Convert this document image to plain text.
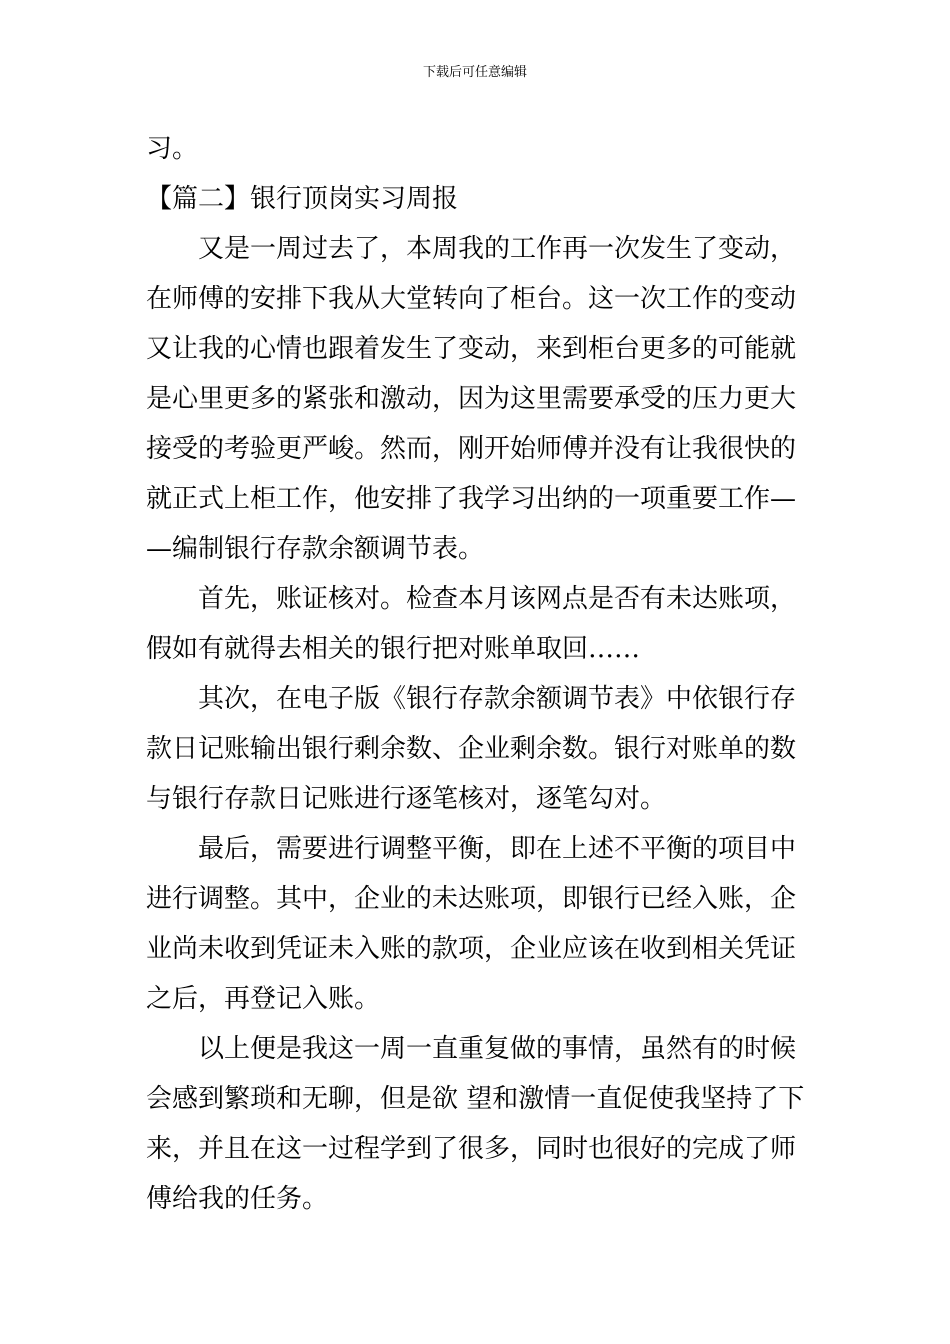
下载后可任意编辑
习。
【篇二】银行顶岗实习周报
又是一周过去了，本周我的工作再一次发生了变动，
在师傅的安排下我从大堂转向了柜台。这一次工作的变动
又让我的心情也跟着发生了变动，来到柜台更多的可能就
是心里更多的紧张和激动，因为这里需要承受的压力更大
接受的考验更严峻。然而，刚开始师傅并没有让我很快的
就正式上柜工作，他安排了我学习出纳的一项重要工作—
—编制银行存款余额调节表。
首先，账证核对。检查本月该网点是否有未达账项，
假如有就得去相关的银行把对账单取回……
其次，在电子版《银行存款余额调节表》中依银行存
款日记账输出银行剩余数、企业剩余数。银行对账单的数
与银行存款日记账进行逐笔核对，逐笔勾对。
最后，需要进行调整平衡，即在上述不平衡的项目中
进行调整。其中，企业的未达账项，即银行已经入账，企
业尚未收到凭证未入账的款项，企业应该在收到相关凭证
之后，再登记入账。
以上便是我这一周一直重复做的事情，虽然有的时候
会感到繁琐和无聊，但是欲 望和激情一直促使我坚持了下
来，并且在这一过程学到了很多，同时也很好的完成了师
傅给我的任务。
